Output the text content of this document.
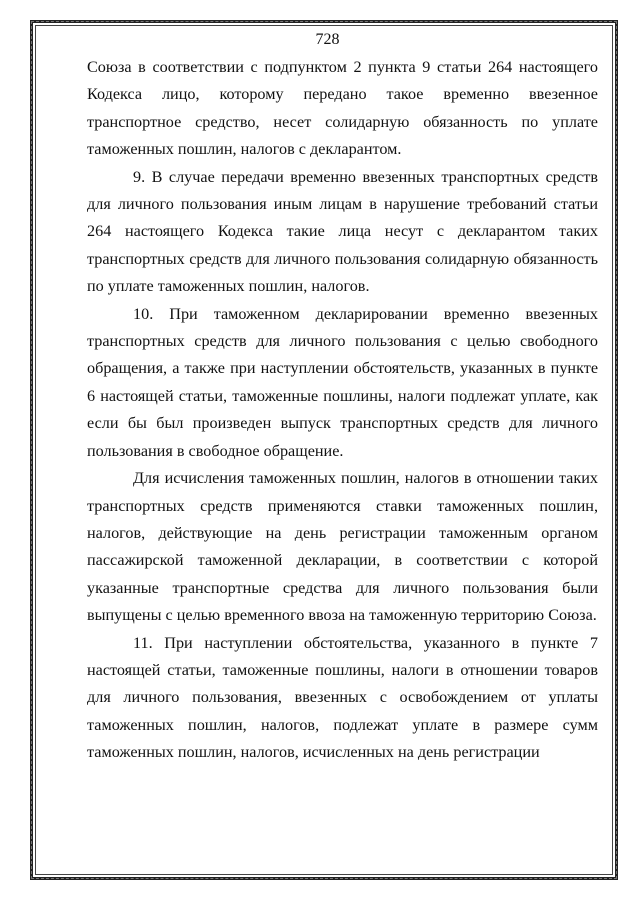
728

Союза в соответствии с подпунктом 2 пункта 9 статьи 264 настоящего Кодекса лицо, которому передано такое временно ввезенное транспортное средство, несет солидарную обязанность по уплате таможенных пошлин, налогов с декларантом.

9. В случае передачи временно ввезенных транспортных средств для личного пользования иным лицам в нарушение требований статьи 264 настоящего Кодекса такие лица несут с декларантом таких транспортных средств для личного пользования солидарную обязанность по уплате таможенных пошлин, налогов.

10. При таможенном декларировании временно ввезенных транспортных средств для личного пользования с целью свободного обращения, а также при наступлении обстоятельств, указанных в пункте 6 настоящей статьи, таможенные пошлины, налоги подлежат уплате, как если бы был произведен выпуск транспортных средств для личного пользования в свободное обращение.

Для исчисления таможенных пошлин, налогов в отношении таких транспортных средств применяются ставки таможенных пошлин, налогов, действующие на день регистрации таможенным органом пассажирской таможенной декларации, в соответствии с которой указанные транспортные средства для личного пользования были выпущены с целью временного ввоза на таможенную территорию Союза.

11. При наступлении обстоятельства, указанного в пункте 7 настоящей статьи, таможенные пошлины, налоги в отношении товаров для личного пользования, ввезенных с освобождением от уплаты таможенных пошлин, налогов, подлежат уплате в размере сумм таможенных пошлин, налогов, исчисленных на день регистрации
